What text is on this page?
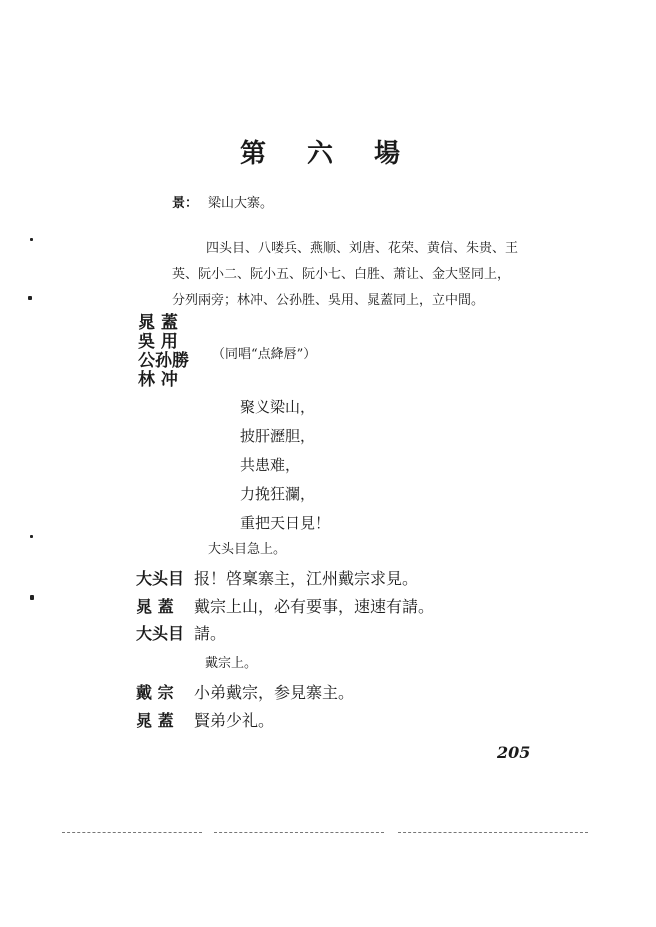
第 六 場
景： 梁山大寨。

四头目、八喽兵、燕顺、刘唐、花荣、黄信、朱贵、王

英、阮小二、阮小五、阮小七、白胜、萧让、金大竖同上，

分列兩旁；林冲、公孙胜、吳用、晁蓋同上，立中間。

晁 蓋
吳 用
公孙勝
林 冲
（同唱“点絳唇”）
聚义梁山，
披肝瀝胆，
共患难，
力挽狂瀾，
重把天日見！
大头目急上。
大头目 报！啓稟寨主，江州戴宗求見。
晁 蓋 戴宗上山，必有要事，速速有請。
大头目 請。
戴宗上。
戴 宗 小弟戴宗，参見寨主。
晁 蓋 賢弟少礼。
205
